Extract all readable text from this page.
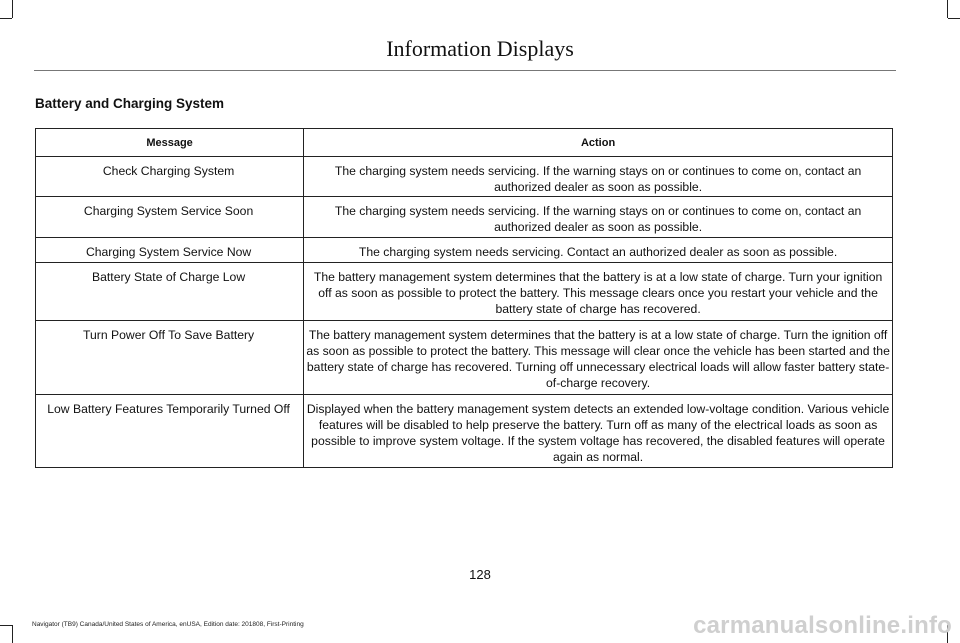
Information Displays
Battery and Charging System
Message	Action
Check Charging System	The charging system needs servicing. If the warning stays on or continues to come on, contact an authorized dealer as soon as possible.
Charging System Service Soon	The charging system needs servicing. If the warning stays on or continues to come on, contact an authorized dealer as soon as possible.
Charging System Service Now	The charging system needs servicing. Contact an authorized dealer as soon as possible.
Battery State of Charge Low	The battery management system determines that the battery is at a low state of charge. Turn your ignition off as soon as possible to protect the battery. This message clears once you restart your vehicle and the battery state of charge has recovered.
Turn Power Off To Save Battery	The battery management system determines that the battery is at a low state of charge. Turn the ignition off as soon as possible to protect the battery. This message will clear once the vehicle has been started and the battery state of charge has recovered. Turning off unnecessary electrical loads will allow faster battery state-of-charge recovery.
Low Battery Features Temporarily Turned Off	Displayed when the battery management system detects an extended low-voltage condition. Various vehicle features will be disabled to help preserve the battery. Turn off as many of the electrical loads as soon as possible to improve system voltage. If the system voltage has recovered, the disabled features will operate again as normal.
128
Navigator (TB9) Canada/United States of America, enUSA, Edition date: 201808, First-Printing	carmanualsonline.info
